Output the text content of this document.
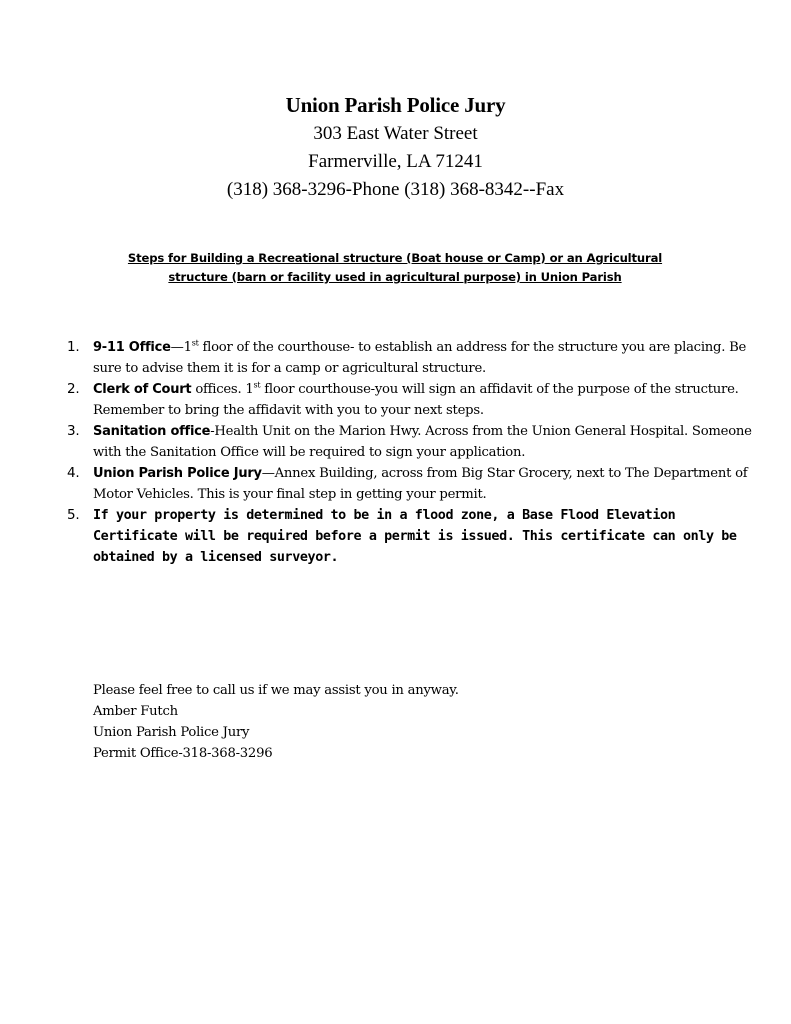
Union Parish Police Jury
303 East Water Street
Farmerville, LA 71241
(318) 368-3296-Phone (318) 368-8342--Fax
Steps for Building a Recreational structure (Boat house or Camp) or an Agricultural
structure (barn or facility used in agricultural purpose) in Union Parish
1. 9-11 Office—1st floor of the courthouse- to establish an address for the structure you are placing. Be sure to advise them it is for a camp or agricultural structure.
2. Clerk of Court offices. 1st floor courthouse-you will sign an affidavit of the purpose of the structure. Remember to bring the affidavit with you to your next steps.
3. Sanitation office-Health Unit on the Marion Hwy. Across from the Union General Hospital. Someone with the Sanitation Office will be required to sign your application.
4. Union Parish Police Jury—Annex Building, across from Big Star Grocery, next to The Department of Motor Vehicles. This is your final step in getting your permit.
5. If your property is determined to be in a flood zone, a Base Flood Elevation Certificate will be required before a permit is issued. This certificate can only be obtained by a licensed surveyor.
Please feel free to call us if we may assist you in anyway.
Amber Futch
Union Parish Police Jury
Permit Office-318-368-3296
